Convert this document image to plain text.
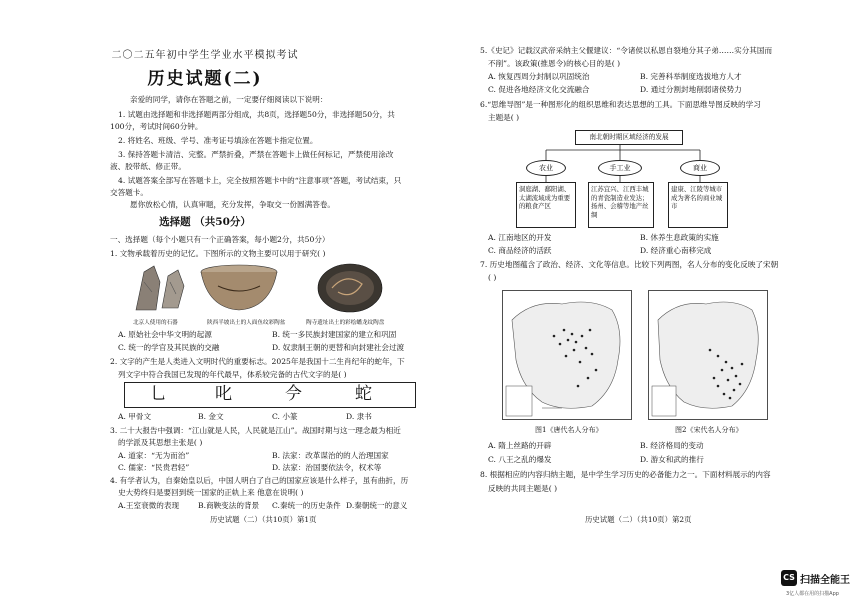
二〇二五年初中学生学业水平模拟考试
历史试题(二)
亲爱的同学，请你在答题之前，一定要仔细阅读以下说明：
1. 试题由选择题和非选择题两部分组成，共8页，选择题50分，非选择题50分，共
100分，考试时间60分钟。
2. 将姓名、班级、学号、准考证号填涂在答题卡指定位置。
3. 保持答题卡清洁、完整。严禁折叠，严禁在答题卡上做任何标记，严禁使用涂改
液、胶带纸、修正带。
4. 试题答案全部写在答题卡上，完全按照答题卡中的“注意事项”答题，考试结束，只
交答题卡。
愿你放松心情，认真审题，充分发挥，争取交一份圆满答卷。
选择题 （共50分）
一、选择题（每个小题只有一个正确答案，每小题2分，共50分）
1. 文物承载着历史的记忆。下图所示的文物主要可以用于研究( )
北京人使用的石器	陕西半坡出土的人面鱼纹彩陶盆	陶寺遗址出土的彩绘蟠龙纹陶盘
A. 原始社会中华文明的起源	B. 统一多民族封建国家的建立和巩固
C. 统一的学官及其民族的交融	D. 奴隶制王朝的更替和向封建社会过渡
2. 文字的产生是人类进入文明时代的重要标志。2025年是我国十二生肖纪年的蛇年，下
列文字中符合我国已发现的年代最早，体系较完备的古代文字的是( )
乚	叱	𫝆	蛇
A. 甲骨文	B. 金文	C. 小篆	D. 隶书
3. 二十大报告中强调：“江山就是人民，人民就是江山”。战国时期与这一理念最为相近
的学派及其思想主张是( )
A. 道家：“无为而治”	B. 法家：改革谋治的的人治理国家
C. 儒家：“民贵君轻”	D. 法家：治国要依法令，权术等
4. 有学者认为，自秦始皇以后，中国人明白了自己的国家应该是什么样子，虽有曲折，历
史大势终归是要回到统一国家的正轨上来 他意在说明( )
A.王室衰微的表现 B.商鞅变法的背景 C.秦统一的历史条件 D.秦朝统一的意义
历史试题（二）（共10页）第1页
5.《史记》记载汉武帝采纳主父偃建议：“令诸侯以私恩自裂地分其子弟……实分其国而
不削”。该政策(推恩令)的核心目的是( )
A. 恢复西周分封制以巩固统治	B. 完善科举制度选拔地方人才
C. 促进各地经济文化交流融合	D. 通过分割封地削弱诸侯势力
6.“思维导图”是一种图形化的组织思维和表达思想的工具。下面思维导图反映的学习
主题是( )
南北朝时期区域经济的发展
农业	手工业	商业
洞庭湖、鄱阳湖、太湖流域成为重要的粮食产区
江苏宜兴、江西丰城的青瓷制造业发达；扬州、会稽等地产丝绸
建康、江陵等城市成为著名的商业城市
A. 江南地区的开发	B. 休养生息政策的实施
C. 商品经济的活跃	D. 经济重心南移完成
7. 历史地图蕴含了政治、经济、文化等信息。比较下列两图，名人分布的变化反映了宋朝
( )
图1《唐代名人分布》	图2《宋代名人分布》
A. 隋上丝路的开辟	B. 经济格局的变动
C. 八王之乱的爆发	D. 游女和武的推行
8. 根据相应的内容归纳主题，是中学生学习历史的必备能力之一。下面材料展示的内容
反映的共同主题是( )
历史试题（二）（共10页）第2页
CS 扫描全能王
3亿人都在用的扫描App
